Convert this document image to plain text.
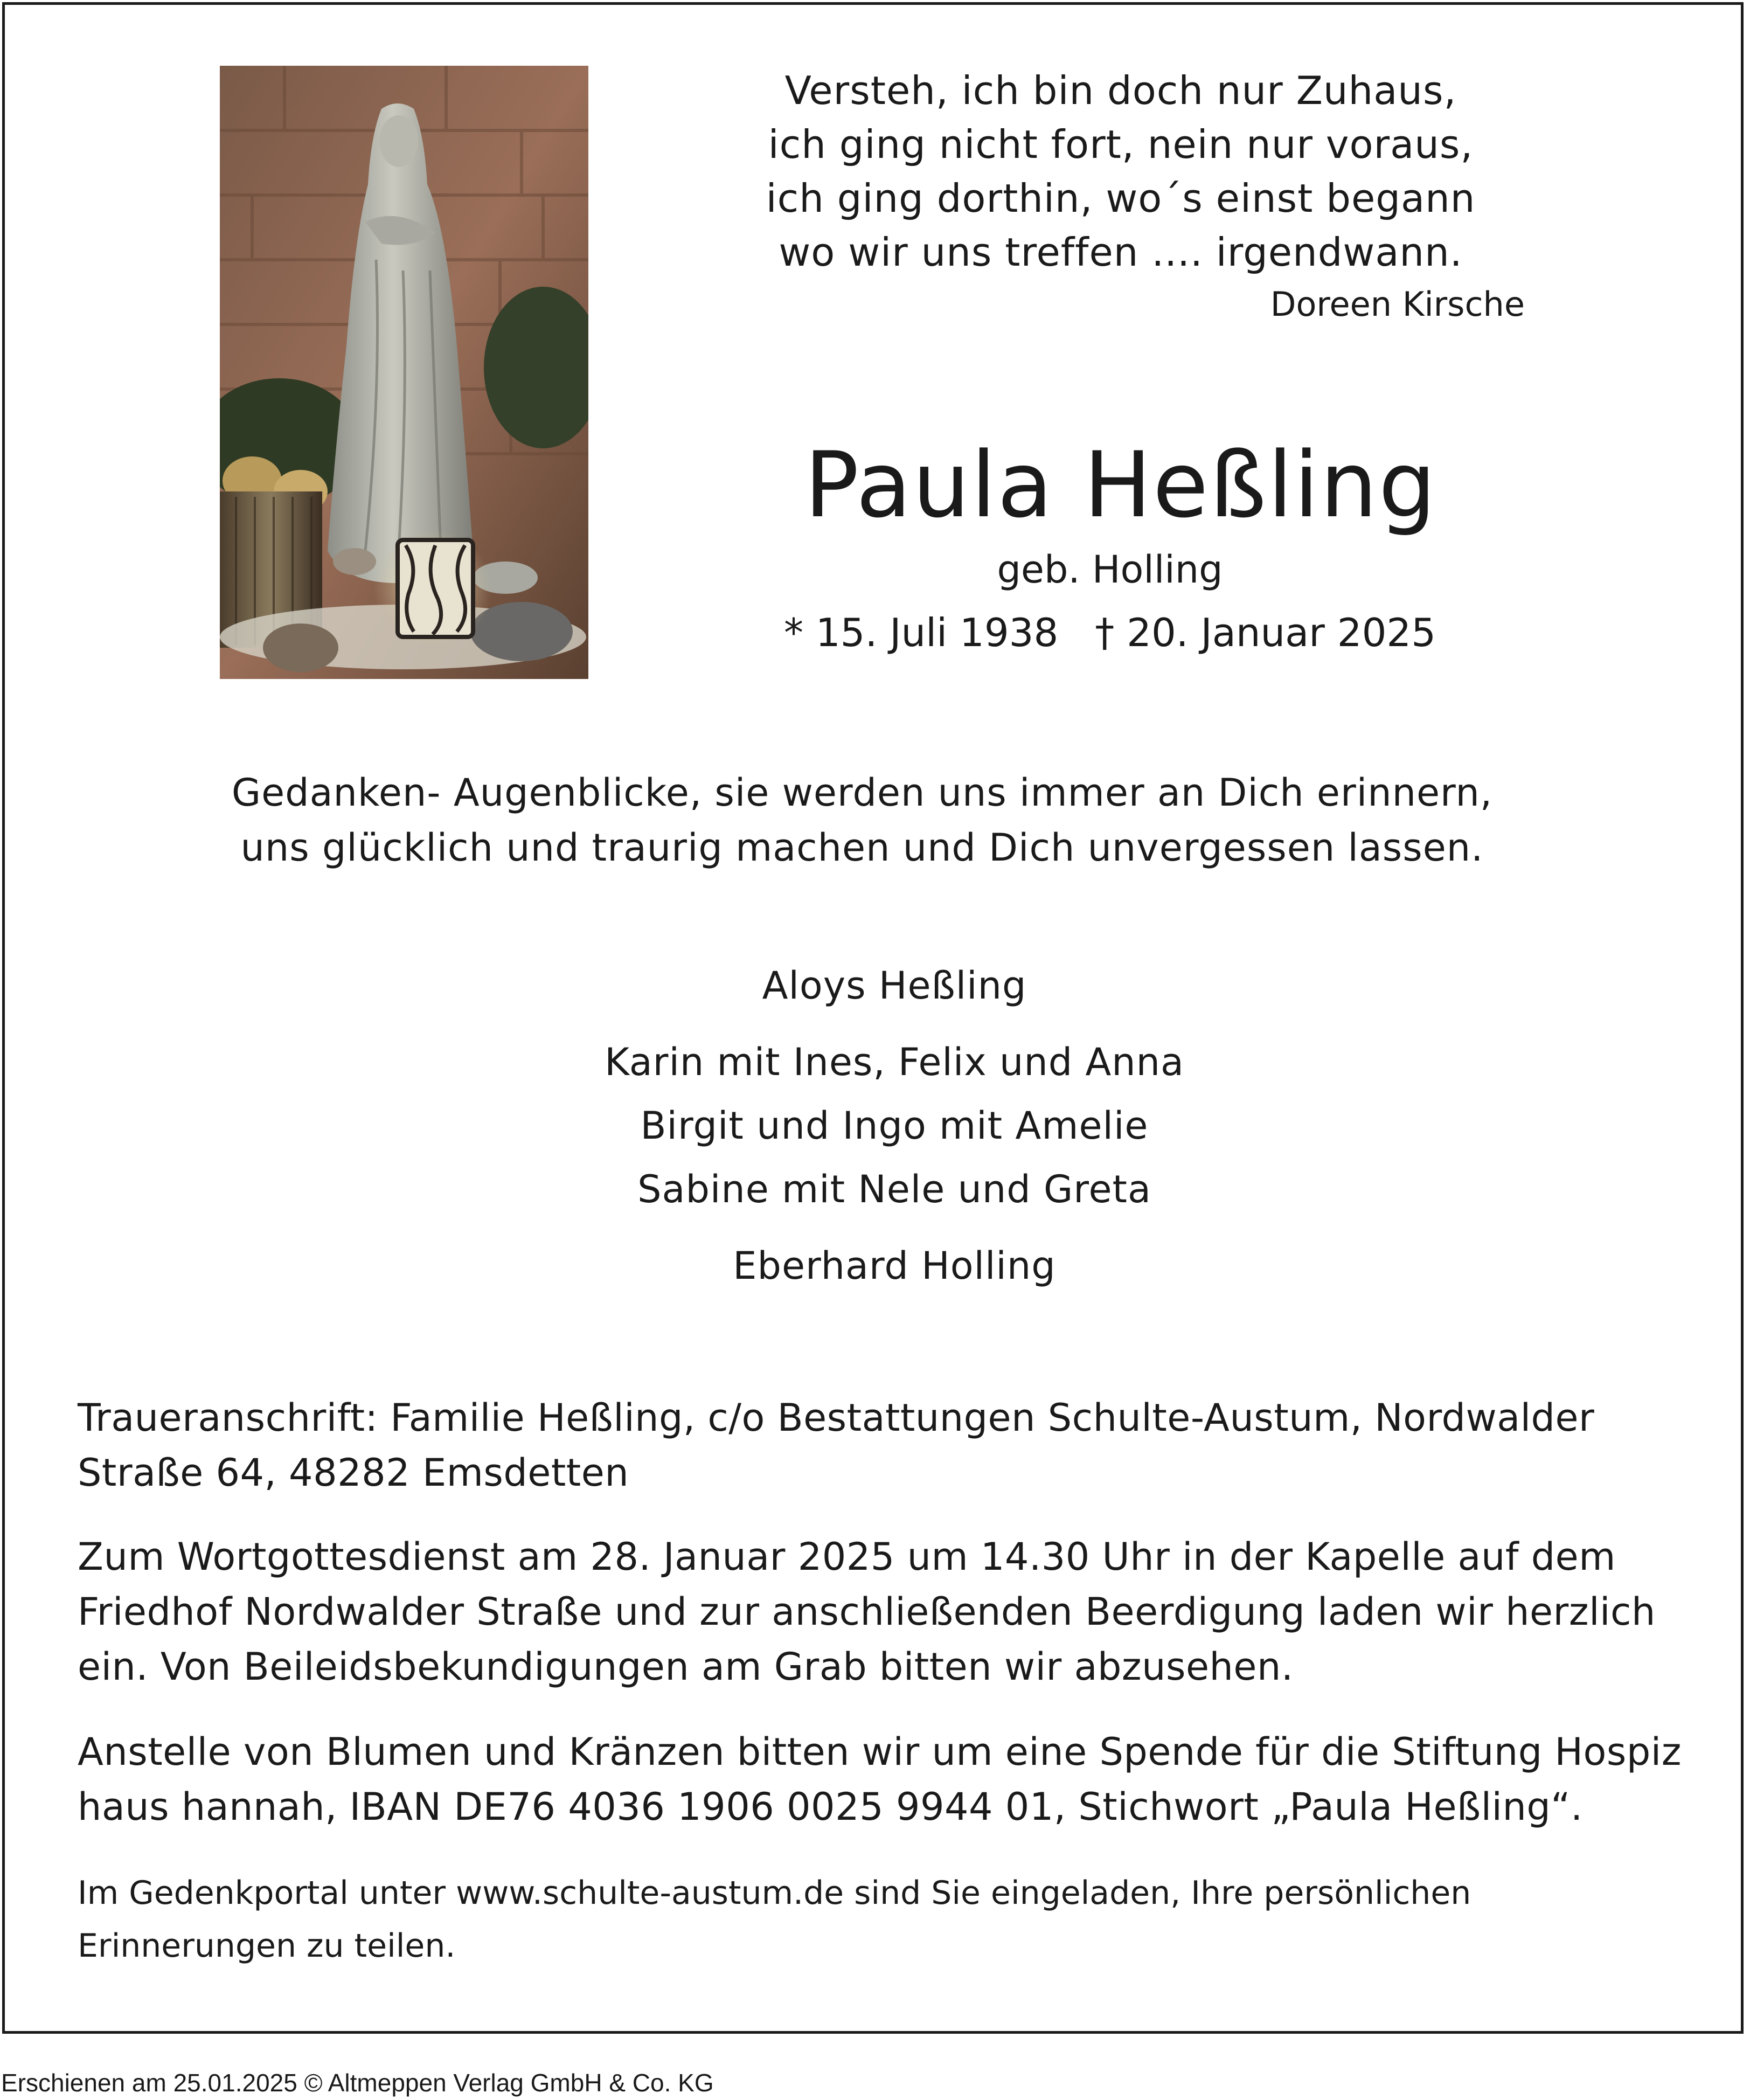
Versteh, ich bin doch nur Zuhaus,
ich ging nicht fort, nein nur voraus,
ich ging dorthin, wo´s einst begann
wo wir uns treffen .... irgendwann.
Doreen Kirsche
Paula Heßling
geb. Holling
* 15. Juli 1938 † 20. Januar 2025
Gedanken- Augenblicke, sie werden uns immer an Dich erinnern,
uns glücklich und traurig machen und Dich unvergessen lassen.
Aloys Heßling
Karin mit Ines, Felix und Anna
Birgit und Ingo mit Amelie
Sabine mit Nele und Greta
Eberhard Holling
Traueranschrift: Familie Heßling, c/o Bestattungen Schulte-Austum, Nordwalder
Straße 64, 48282 Emsdetten
Zum Wortgottesdienst am 28. Januar 2025 um 14.30 Uhr in der Kapelle auf dem
Friedhof Nordwalder Straße und zur anschließenden Beerdigung laden wir herzlich
ein. Von Beileidsbekundigungen am Grab bitten wir abzusehen.
Anstelle von Blumen und Kränzen bitten wir um eine Spende für die Stiftung Hospiz
haus hannah, IBAN DE76 4036 1906 0025 9944 01, Stichwort „Paula Heßling“.
Im Gedenkportal unter www.schulte-austum.de sind Sie eingeladen, Ihre persönlichen
Erinnerungen zu teilen.
Erschienen am 25.01.2025 © Altmeppen Verlag GmbH & Co. KG
